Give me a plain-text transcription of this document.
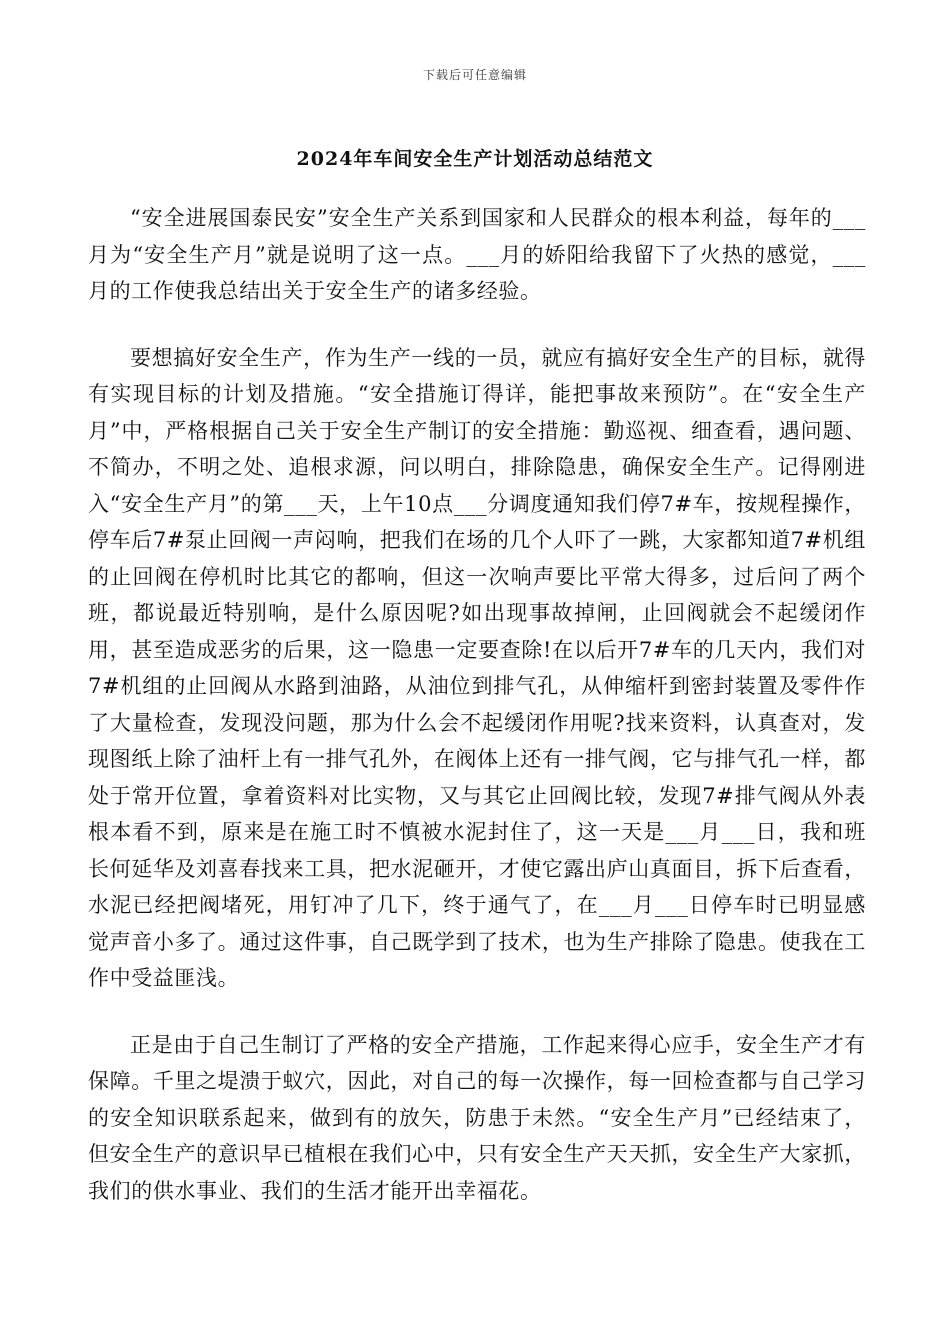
下载后可任意编辑
2024年车间安全生产计划活动总结范文

“安全进展国泰民安”安全生产关系到国家和人民群众的根本利益，每年的___月为“安全生产月”就是说明了这一点。___月的娇阳给我留下了火热的感觉，___月的工作使我总结出关于安全生产的诸多经验。

要想搞好安全生产，作为生产一线的一员，就应有搞好安全生产的目标，就得有实现目标的计划及措施。“安全措施订得详，能把事故来预防”。在“安全生产月”中，严格根据自己关于安全生产制订的安全措施：勤巡视、细查看，遇问题、不简办，不明之处、追根求源，问以明白，排除隐患，确保安全生产。记得刚进入“安全生产月”的第___天，上午10点___分调度通知我们停7#车，按规程操作，停车后7#泵止回阀一声闷响，把我们在场的几个人吓了一跳，大家都知道7#机组的止回阀在停机时比其它的都响，但这一次响声要比平常大得多，过后问了两个班，都说最近特别响，是什么原因呢?如出现事故掉闸，止回阀就会不起缓闭作用，甚至造成恶劣的后果，这一隐患一定要查除!在以后开7#车的几天内，我们对7#机组的止回阀从水路到油路，从油位到排气孔，从伸缩杆到密封装置及零件作了大量检查，发现没问题，那为什么会不起缓闭作用呢?找来资料，认真查对，发现图纸上除了油杆上有一排气孔外，在阀体上还有一排气阀，它与排气孔一样，都处于常开位置，拿着资料对比实物，又与其它止回阀比较，发现7#排气阀从外表根本看不到，原来是在施工时不慎被水泥封住了，这一天是___月___日，我和班长何延华及刘喜春找来工具，把水泥砸开，才使它露出庐山真面目，拆下后查看，水泥已经把阀堵死，用钉冲了几下，终于通气了，在___月___日停车时已明显感觉声音小多了。通过这件事，自己既学到了技术，也为生产排除了隐患。使我在工作中受益匪浅。

正是由于自己生制订了严格的安全产措施，工作起来得心应手，安全生产才有保障。千里之堤溃于蚁穴，因此，对自己的每一次操作，每一回检查都与自己学习的安全知识联系起来，做到有的放矢，防患于未然。“安全生产月”已经结束了，但安全生产的意识早已植根在我们心中，只有安全生产天天抓，安全生产大家抓，我们的供水事业、我们的生活才能开出幸福花。
